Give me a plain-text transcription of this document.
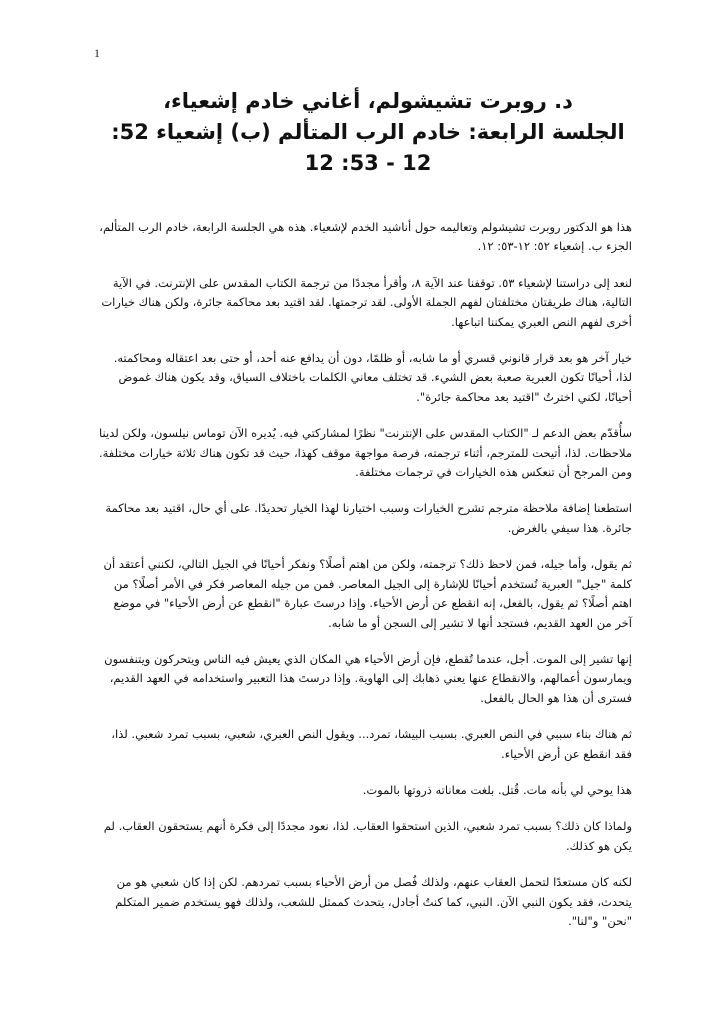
1
د. روبرت تشيشولم، أغاني خادم إشعياء،
الجلسة الرابعة: خادم الرب المتألم (ب) إشعياء 52:
12 - 53: 12

هذا هو الدكتور روبرت تشيشولم وتعاليمه حول أناشيد الخدم لإشعياء. هذه هي الجلسة الرابعة، خادم الرب المتألم، الجزء ب. إشعياء ٥٢: ١٢-٥٣: ١٢.

لنعد إلى دراستنا لإشعياء ٥٣. توقفنا عند الآية ٨، وأقرأ مجددًا من ترجمة الكتاب المقدس على الإنترنت. في الآية التالية، هناك طريقتان مختلفتان لفهم الجملة الأولى. لقد ترجمتها. لقد اقتيد بعد محاكمة جائرة، ولكن هناك خيارات أخرى لفهم النص العبري يمكننا اتباعها.

خيار آخر هو بعد قرار قانوني قسري أو ما شابه، أو ظلمًا، دون أن يدافع عنه أحد، أو حتى بعد اعتقاله ومحاكمته. لذا، أحيانًا تكون العبرية صعبة بعض الشيء. قد تختلف معاني الكلمات باختلاف السياق، وقد يكون هناك غموض أحيانًا، لكني اخترتُ "اقتيد بعد محاكمة جائرة".

سأُقدّم بعض الدعم لـ "الكتاب المقدس على الإنترنت" نظرًا لمشاركتي فيه. يُديره الآن توماس نيلسون، ولكن لدينا ملاحظات. لذا، أتيحت للمترجم، أثناء ترجمته، فرصة مواجهة موقف كهذا، حيث قد تكون هناك ثلاثة خيارات مختلفة. ومن المرجح أن تنعكس هذه الخيارات في ترجمات مختلفة.

استطعنا إضافة ملاحظة مترجم تشرح الخيارات وسبب اختيارنا لهذا الخيار تحديدًا. على أي حال، اقتيد بعد محاكمة جائرة. هذا سيفي بالغرض.

ثم يقول، وأما جيله، فمن لاحظ ذلك؟ ترجمته، ولكن من اهتم أصلًا؟ ونفكر أحيانًا في الجيل التالي، لكنني أعتقد أن كلمة "جيل" العبرية تُستخدم أحيانًا للإشارة إلى الجيل المعاصر. فمن من جيله المعاصر فكر في الأمر أصلًا؟ من اهتم أصلًا؟ ثم يقول، بالفعل، إنه انقطع عن أرض الأحياء. وإذا درستَ عبارة "انقطع عن أرض الأحياء" في موضع آخر من العهد القديم، فستجد أنها لا تشير إلى السجن أو ما شابه.

إنها تشير إلى الموت. أجل، عندما تُقطع، فإن أرض الأحياء هي المكان الذي يعيش فيه الناس ويتحركون ويتنفسون ويمارسون أعمالهم، والانقطاع عنها يعني ذهابك إلى الهاوية. وإذا درستَ هذا التعبير واستخدامه في العهد القديم، فسترى أن هذا هو الحال بالفعل.

ثم هناك بناء سببي في النص العبري. بسبب البيشا، تمرد... ويقول النص العبري، شعبي، بسبب تمرد شعبي. لذا، فقد انقطع عن أرض الأحياء.

هذا يوحي لي بأنه مات. قُتل. بلغت معاناته ذروتها بالموت.

ولماذا كان ذلك؟ بسبب تمرد شعبي، الذين استحقوا العقاب. لذا، نعود مجددًا إلى فكرة أنهم يستحقون العقاب. لم يكن هو كذلك.

لكنه كان مستعدًا لتحمل العقاب عنهم، ولذلك فُصل من أرض الأحياء بسبب تمردهم. لكن إذا كان شعبي هو من يتحدث، فقد يكون النبي الآن. النبي، كما كنتُ أجادل، يتحدث كممثل للشعب، ولذلك فهو يستخدم ضمير المتكلم "نحن" و"لنا".
